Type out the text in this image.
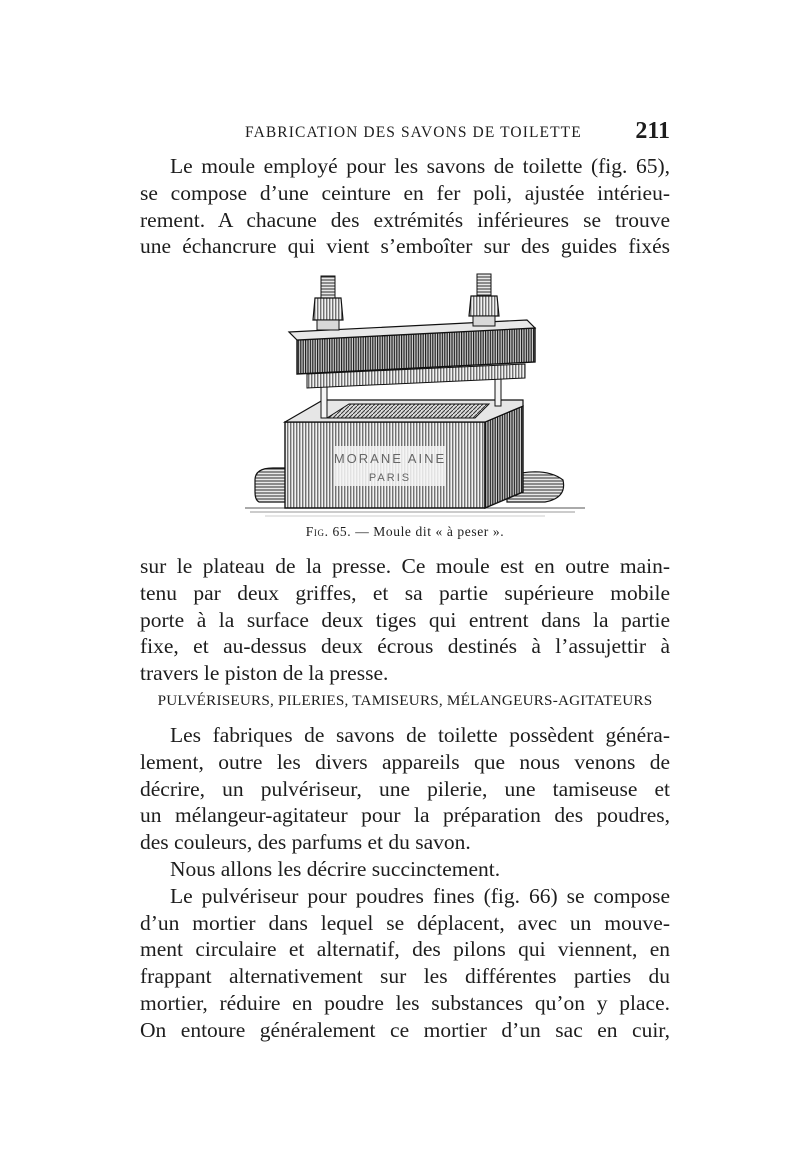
FABRICATION DES SAVONS DE TOILETTE 211

Le moule employé pour les savons de toilette (fig. 65),
se compose d’une ceinture en fer poli, ajustée intérieu-
rement. A chacune des extrémités inférieures se trouve
une échancrure qui vient s’emboîter sur des guides fixés

MORANE AINE
PARIS
Fig. 65. — Moule dit « à peser ».

sur le plateau de la presse. Ce moule est en outre main-
tenu par deux griffes, et sa partie supérieure mobile
porte à la surface deux tiges qui entrent dans la partie
fixe, et au-dessus deux écrous destinés à l’assujettir à
travers le piston de la presse.

PULVÉRISEURS, PILERIES, TAMISEURS, MÉLANGEURS-AGITATEURS

Les fabriques de savons de toilette possèdent généra-
lement, outre les divers appareils que nous venons de
décrire, un pulvériseur, une pilerie, une tamiseuse et
un mélangeur-agitateur pour la préparation des poudres,
des couleurs, des parfums et du savon.

Nous allons les décrire succinctement.

Le pulvériseur pour poudres fines (fig. 66) se compose
d’un mortier dans lequel se déplacent, avec un mouve-
ment circulaire et alternatif, des pilons qui viennent, en
frappant alternativement sur les différentes parties du
mortier, réduire en poudre les substances qu’on y place.
On entoure généralement ce mortier d’un sac en cuir,
